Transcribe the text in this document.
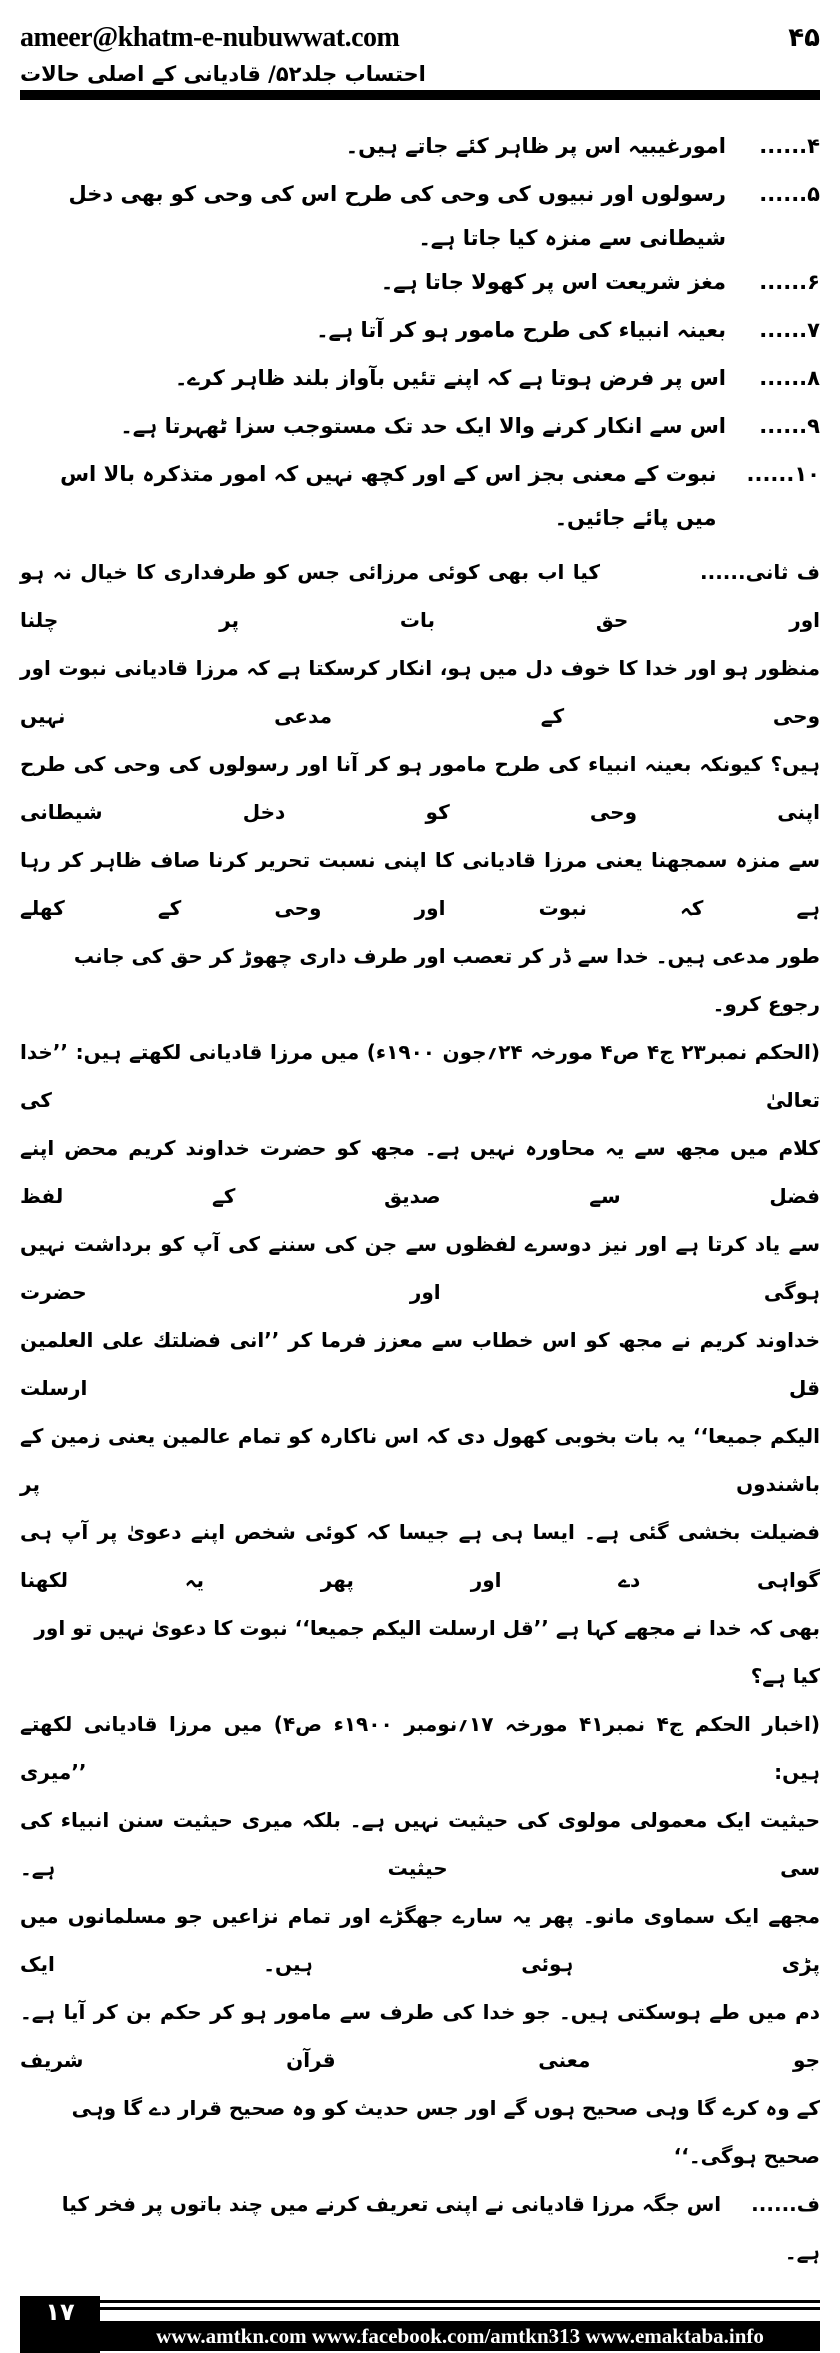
ameer@khatm-e-nubuwwat.com	۴۵
احتساب جلد۵۲/ قادیانی کے اصلی حالات
۴......
امورغیبیہ اس پر ظاہر کئے جاتے ہیں۔
۵......
رسولوں اور نبیوں کی وحی کی طرح اس کی وحی کو بھی دخل شیطانی سے منزہ کیا جاتا ہے۔
۶......
مغز شریعت اس پر کھولا جاتا ہے۔
۷......
بعینہ انبیاء کی طرح مامور ہو کر آتا ہے۔
۸......
اس پر فرض ہوتا ہے کہ اپنے تئیں بآواز بلند ظاہر کرے۔
۹......
اس سے انکار کرنے والا ایک حد تک مستوجب سزا ٹھہرتا ہے۔
۱۰......
نبوت کے معنی بجز اس کے اور کچھ نہیں کہ امور متذکرہ بالا اس میں پائے جائیں۔
ف ثانی......کیا اب بھی کوئی مرزائی جس کو طرفداری کا خیال نہ ہو اور حق بات پر چلنا
منظور ہو اور خدا کا خوف دل میں ہو، انکار کرسکتا ہے کہ مرزا قادیانی نبوت اور وحی کے مدعی نہیں
ہیں؟ کیونکہ بعینہ انبیاء کی طرح مامور ہو کر آنا اور رسولوں کی وحی کی طرح اپنی وحی کو دخل شیطانی
سے منزہ سمجھنا یعنی مرزا قادیانی کا اپنی نسبت تحریر کرنا صاف ظاہر کر رہا ہے کہ نبوت اور وحی کے کھلے
طور مدعی ہیں۔ خدا سے ڈر کر تعصب اور طرف داری چھوڑ کر حق کی جانب رجوع کرو۔
(الحکم نمبر۲۳ ج۴ ص۴ مورخہ ۲۴؍جون ۱۹۰۰ء) میں مرزا قادیانی لکھتے ہیں: ’’خدا تعالیٰ کی
کلام میں مجھ سے یہ محاورہ نہیں ہے۔ مجھ کو حضرت خداوند کریم محض اپنے فضل سے صدیق کے لفظ
سے یاد کرتا ہے اور نیز دوسرے لفظوں سے جن کی سننے کی آپ کو برداشت نہیں ہوگی اور حضرت
خداوند کریم نے مجھ کو اس خطاب سے معزز فرما کر ’’انی فضلتك علی العلمین قل ارسلت
الیکم جمیعا‘‘ یہ بات بخوبی کھول دی کہ اس ناکارہ کو تمام عالمین یعنی زمین کے باشندوں پر
فضیلت بخشی گئی ہے۔ ایسا ہی ہے جیسا کہ کوئی شخص اپنے دعویٰ پر آپ ہی گواہی دے اور پھر یہ لکھنا
بھی کہ خدا نے مجھے کہا ہے ’’قل ارسلت الیکم جمیعا‘‘ نبوت کا دعویٰ نہیں تو اور کیا ہے؟
(اخبار الحکم ج۴ نمبر۴۱ مورخہ ۱۷؍نومبر ۱۹۰۰ء ص۴) میں مرزا قادیانی لکھتے ہیں: ’’میری
حیثیت ایک معمولی مولوی کی حیثیت نہیں ہے۔ بلکہ میری حیثیت سنن انبیاء کی سی حیثیت ہے۔
مجھے ایک سماوی مانو۔ پھر یہ سارے جھگڑے اور تمام نزاعیں جو مسلمانوں میں پڑی ہوئی ہیں۔ ایک
دم میں طے ہوسکتی ہیں۔ جو خدا کی طرف سے مامور ہو کر حکم بن کر آیا ہے۔ جو معنی قرآن شریف
کے وہ کرے گا وہی صحیح ہوں گے اور جس حدیث کو وہ صحیح قرار دے گا وہی صحیح ہوگی۔‘‘
ف......اس جگہ مرزا قادیانی نے اپنی تعریف کرنے میں چند باتوں پر فخر کیا ہے۔
١٧
www.amtkn.com www.facebook.com/amtkn313 www.emaktaba.info
